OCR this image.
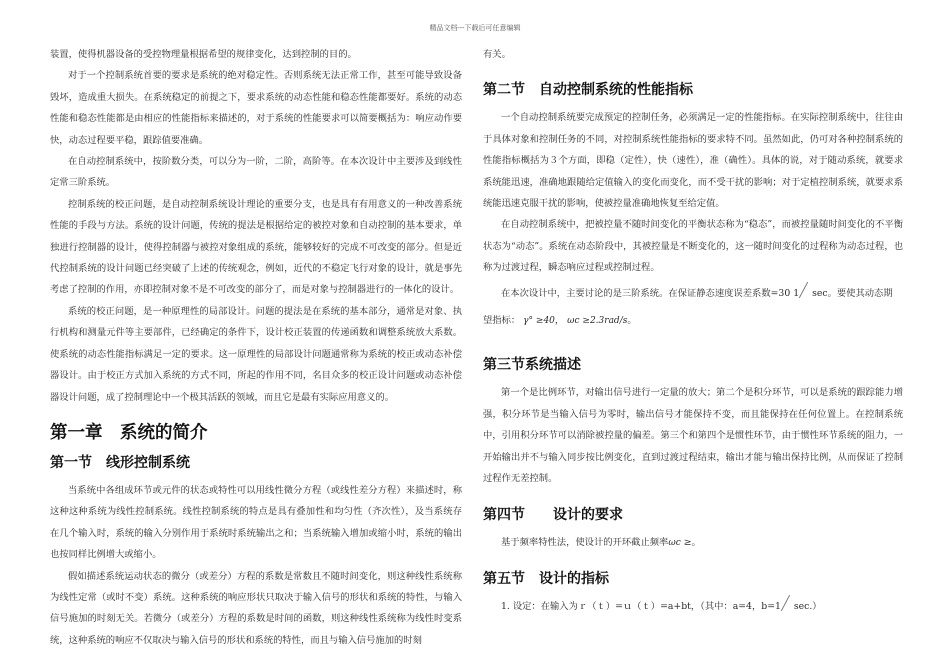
精品文档---下载后可任意编辑

装置，使得机器设备的受控物理量根据希望的规律变化，达到控制的目的。

对于一个控制系统首要的要求是系统的绝对稳定性。否则系统无法正常工作，甚至可能导致设备毁坏，造成重大损失。在系统稳定的前提之下，要求系统的动态性能和稳态性能都要好。系统的动态性能和稳态性能都是由相应的性能指标来描述的，对于系统的性能要求可以简要概括为：响应动作要快，动态过程要平稳，跟踪值要准确。

在自动控制系统中，按阶数分类，可以分为一阶，二阶，高阶等。在本次设计中主要涉及到线性定常三阶系统。

控制系统的校正问题，是自动控制系统设计理论的重要分支，也是具有有用意义的一种改善系统性能的手段与方法。系统的设计问题，传统的提法是根据给定的被控对象和自动控制的基本要求，单独进行控制器的设计，使得控制器与被控对象组成的系统，能够较好的完成不可改变的部分。但是近代控制系统的设计问题已经突破了上述的传统观念，例如，近代的不稳定飞行对象的设计，就是事先考虑了控制的作用，亦即控制对象不是不可改变的部分了，而是对象与控制器进行的一体化的设计。

系统的校正问题，是一种原理性的局部设计。问题的提法是在系统的基本部分，通常是对象、执行机构和测量元件等主要部件，已经确定的条件下，设计校正装置的传递函数和调整系统放大系数。使系统的动态性能指标满足一定的要求。这一原理性的局部设计问题通常称为系统的校正或动态补偿器设计。由于校正方式加入系统的方式不同，所起的作用不同，名目众多的校正设计问题或动态补偿器设计问题，成了控制理论中一个极其活跃的领域，而且它是最有实际应用意义的。

第一章　系统的简介
第一节　线形控制系统

当系统中各组成环节或元件的状态或特性可以用线性微分方程（或线性差分方程）来描述时，称这种这种系统为线性控制系统。线性控制系统的特点是具有叠加性和均匀性（齐次性），及当系统存在几个输入时，系统的输入分别作用于系统时系统输出之和；当系统输入增加或缩小时，系统的输出也按同样比例增大或缩小。

假如描述系统运动状态的微分（或差分）方程的系数是常数且不随时间变化，则这种线性系统称为线性定常（或时不变）系统。这种系统的响应形状只取决于输入信号的形状和系统的特性，与输入信号施加的时刻无关。若微分（或差分）方程的系数是时间的函数，则这种线性系统称为线性时变系统，这种系统的响应不仅取决与输入信号的形状和系统的特性，而且与输入信号施加的时刻

有关。

第二节　自动控制系统的性能指标

一个自动控制系统要完成预定的控制任务，必须满足一定的性能指标。在实际控制系统中，往往由于具体对象和控制任务的不同，对控制系统性能指标的要求特不同。虽然如此，仍可对各种控制系统的性能指标概括为３个方面，即稳（定性），快（速性），准（确性）。具体的说，对于随动系统，就要求系统能迅速，准确地跟随给定值输入的变化而变化，而不受干扰的影响；对于定植控制系统，就要求系统能迅速克服干扰的影响，使被控量准确地恢复至给定值。

在自动控制系统中，把被控量不随时间变化的平衡状态称为“稳态”，而被控量随时间变化的不平衡状态为“动态”。系统在动态阶段中，其被控量是不断变化的，这一随时间变化的过程称为动态过程，也称为过渡过程，瞬态响应过程或控制过程。

在本次设计中，主要讨论的是三阶系统。在保证静态速度误差系数=30 1 sec。要使其动态期

望指标： γ° ≥40， ωc ≥2.3rad/s。

第三节系统描述

第一个是比例环节，对输出信号进行一定量的放大；第二个是积分环节，可以是系统的跟踪能力增强，积分环节是当输入信号为零时，输出信号才能保持不变，而且能保持在任何位置上。在控制系统中，引用积分环节可以消除被控量的偏差。第三个和第四个是惯性环节，由于惯性环节系统的阻力，一开始输出并不与输入同步按比例变化，直到过渡过程结束，输出才能与输出保持比例，从而保证了控制过程作无差控制。

第四节　　设计的要求

基于频率特性法，使设计的开环截止频率ωc ≥。

第五节　设计的指标

1. 设定：在输入为ｒ（ｔ）=ｕ（ｔ）=a+bt，（其中：a=4，b=1 sec.）
